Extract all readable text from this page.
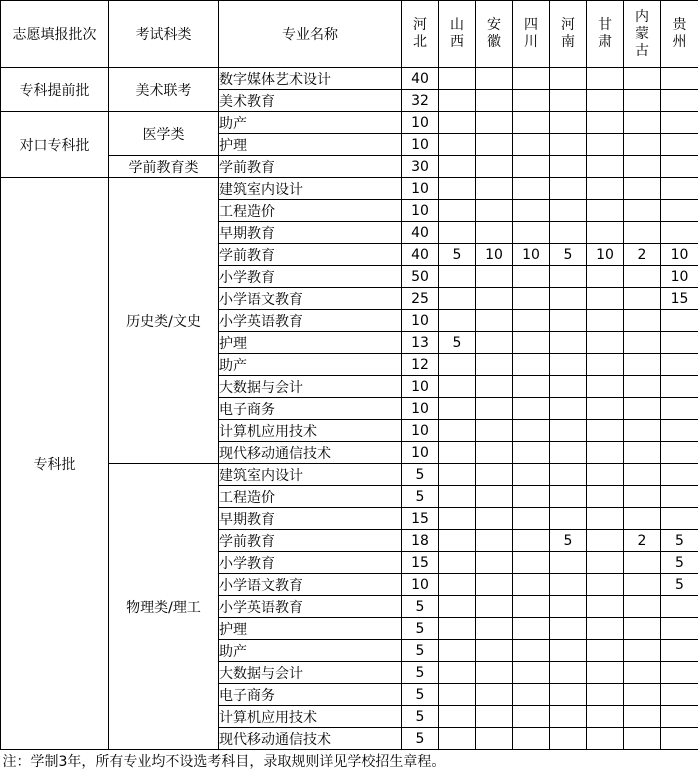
志愿填报批次	考试科类	专业名称	河北	山西	安徽	四川	河南	甘肃	内蒙古	贵州

专科提前批	美术联考	数字媒体艺术设计	40							
		美术教育	32							
对口专科批	医学类	助产	10							
		护理	10							
	学前教育类	学前教育	30							
专科批	历史类/文史	建筑室内设计	10							
		工程造价	10							
		早期教育	40							
		学前教育	40	5	10	10	5	10	2	10
		小学教育	50							10
		小学语文教育	25							15
		小学英语教育	10							
		护理	13	5						
		助产	12							
		大数据与会计	10							
		电子商务	10							
		计算机应用技术	10							
		现代移动通信技术	10							
	物理类/理工	建筑室内设计	5							
		工程造价	5							
		早期教育	15							
		学前教育	18				5		2	5
		小学教育	15							5
		小学语文教育	10							5
		小学英语教育	5							
		护理	5							
		助产	5							
		大数据与会计	5							
		电子商务	5							
		计算机应用技术	5							
		现代移动通信技术	5							
注：学制3年，所有专业均不设选考科目，录取规则详见学校招生章程。										
